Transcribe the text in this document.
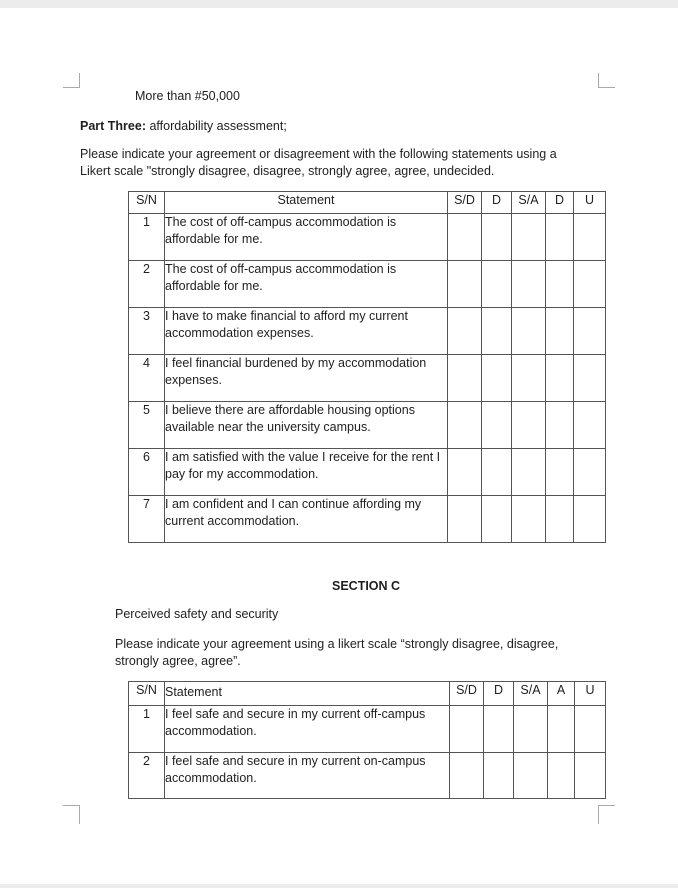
More than #50,000
Part Three: affordability assessment;
Please indicate your agreement or disagreement with the following statements using a
Likert scale "strongly disagree, disagree, strongly agree, agree, undecided.
S/N	Statement	S/D	D	S/A	D	U
1	The cost of off-campus accommodation is affordable for me.					
2	The cost of off-campus accommodation is affordable for me.					
3	I have to make financial to afford my current accommodation expenses.					
4	I feel financial burdened by my accommodation expenses.					
5	I believe there are affordable housing options available near the university campus.					
6	I am satisfied with the value I receive for the rent I pay for my accommodation.					
7	I am confident and I can continue affording my current accommodation.					
SECTION C
Perceived safety and security
Please indicate your agreement using a likert scale “strongly disagree, disagree,
strongly agree, agree”.
S/N	Statement	S/D	D	S/A	A	U
1	I feel safe and secure in my current off-campus accommodation.					
2	I feel safe and secure in my current on-campus accommodation.					
